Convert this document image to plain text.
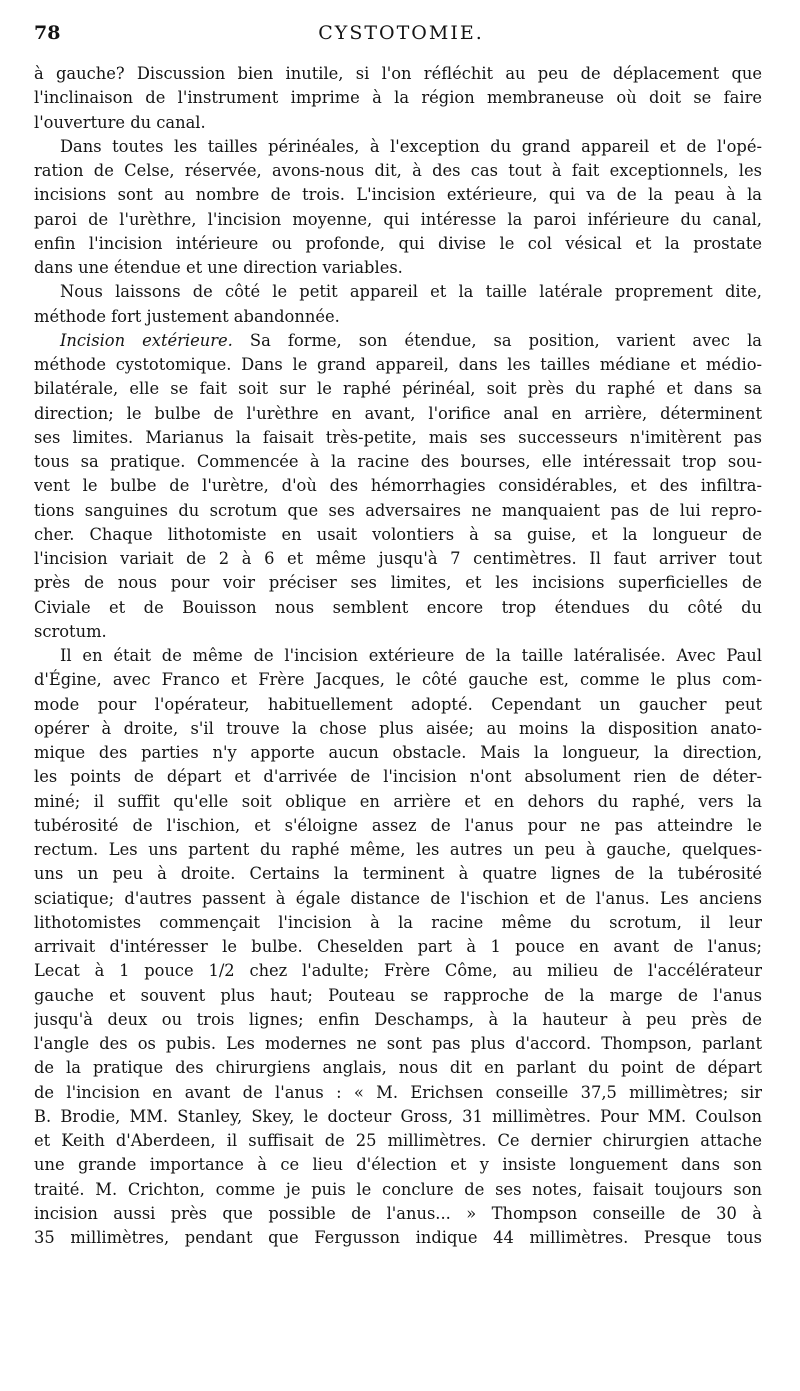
78	CYSTOTOMIE.
à gauche? Discussion bien inutile, si l'on réfléchit au peu de déplacement que
l'inclinaison de l'instrument imprime à la région membraneuse où doit se faire
l'ouverture du canal.
Dans toutes les tailles périnéales, à l'exception du grand appareil et de l'opé-
ration de Celse, réservée, avons-nous dit, à des cas tout à fait exceptionnels, les
incisions sont au nombre de trois. L'incision extérieure, qui va de la peau à la
paroi de l'urèthre, l'incision moyenne, qui intéresse la paroi inférieure du canal,
enfin l'incision intérieure ou profonde, qui divise le col vésical et la prostate
dans une étendue et une direction variables.
Nous laissons de côté le petit appareil et la taille latérale proprement dite,
méthode fort justement abandonnée.
Incision extérieure. Sa forme, son étendue, sa position, varient avec la
méthode cystotomique. Dans le grand appareil, dans les tailles médiane et médio-
bilatérale, elle se fait soit sur le raphé périnéal, soit près du raphé et dans sa
direction; le bulbe de l'urèthre en avant, l'orifice anal en arrière, déterminent
ses limites. Marianus la faisait très-petite, mais ses successeurs n'imitèrent pas
tous sa pratique. Commencée à la racine des bourses, elle intéressait trop sou-
vent le bulbe de l'urètre, d'où des hémorrhagies considérables, et des infiltra-
tions sanguines du scrotum que ses adversaires ne manquaient pas de lui repro-
cher. Chaque lithotomiste en usait volontiers à sa guise, et la longueur de
l'incision variait de 2 à 6 et même jusqu'à 7 centimètres. Il faut arriver tout
près de nous pour voir préciser ses limites, et les incisions superficielles de
Civiale et de Bouisson nous semblent encore trop étendues du côté du
scrotum.
Il en était de même de l'incision extérieure de la taille latéralisée. Avec Paul
d'Égine, avec Franco et Frère Jacques, le côté gauche est, comme le plus com-
mode pour l'opérateur, habituellement adopté. Cependant un gaucher peut
opérer à droite, s'il trouve la chose plus aisée; au moins la disposition anato-
mique des parties n'y apporte aucun obstacle. Mais la longueur, la direction,
les points de départ et d'arrivée de l'incision n'ont absolument rien de déter-
miné; il suffit qu'elle soit oblique en arrière et en dehors du raphé, vers la
tubérosité de l'ischion, et s'éloigne assez de l'anus pour ne pas atteindre le
rectum. Les uns partent du raphé même, les autres un peu à gauche, quelques-
uns un peu à droite. Certains la terminent à quatre lignes de la tubérosité
sciatique; d'autres passent à égale distance de l'ischion et de l'anus. Les anciens
lithotomistes commençait l'incision à la racine même du scrotum, il leur
arrivait d'intéresser le bulbe. Cheselden part à 1 pouce en avant de l'anus;
Lecat à 1 pouce 1/2 chez l'adulte; Frère Côme, au milieu de l'accélérateur
gauche et souvent plus haut; Pouteau se rapproche de la marge de l'anus
jusqu'à deux ou trois lignes; enfin Deschamps, à la hauteur à peu près de
l'angle des os pubis. Les modernes ne sont pas plus d'accord. Thompson, parlant
de la pratique des chirurgiens anglais, nous dit en parlant du point de départ
de l'incision en avant de l'anus : « M. Erichsen conseille 37,5 millimètres; sir
B. Brodie, MM. Stanley, Skey, le docteur Gross, 31 millimètres. Pour MM. Coulson
et Keith d'Aberdeen, il suffisait de 25 millimètres. Ce dernier chirurgien attache
une grande importance à ce lieu d'élection et y insiste longuement dans son
traité. M. Crichton, comme je puis le conclure de ses notes, faisait toujours son
incision aussi près que possible de l'anus... » Thompson conseille de 30 à
35 millimètres, pendant que Fergusson indique 44 millimètres. Presque tous
